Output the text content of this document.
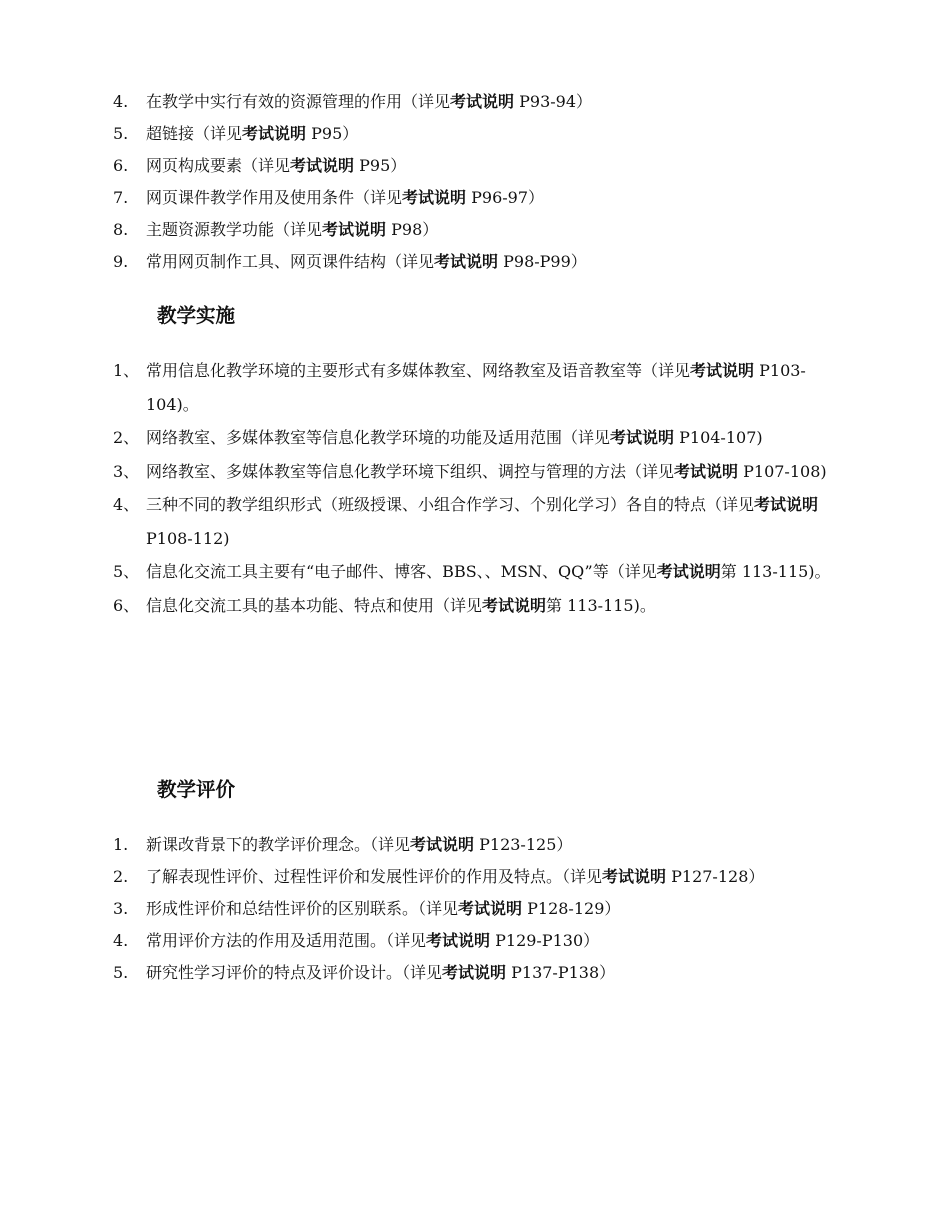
4. 在教学中实行有效的资源管理的作用（详见考试说明 P93-94）
5. 超链接（详见考试说明 P95）
6. 网页构成要素（详见考试说明 P95）
7. 网页课件教学作用及使用条件（详见考试说明 P96-97）
8. 主题资源教学功能（详见考试说明 P98）
9. 常用网页制作工具、网页课件结构（详见考试说明 P98-P99）
教学实施
1、 常用信息化教学环境的主要形式有多媒体教室、网络教室及语音教室等（详见考试说明 P103-104)。
2、 网络教室、多媒体教室等信息化教学环境的功能及适用范围（详见考试说明 P104-107)
3、 网络教室、多媒体教室等信息化教学环境下组织、调控与管理的方法（详见考试说明 P107-108)
4、 三种不同的教学组织形式（班级授课、小组合作学习、个别化学习）各自的特点（详见考试说明 P108-112)
5、 信息化交流工具主要有“电子邮件、博客、BBS、、MSN、QQ”等（详见考试说明第 113-115)。
6、 信息化交流工具的基本功能、特点和使用（详见考试说明第 113-115)。
教学评价
1. 新课改背景下的教学评价理念。（详见考试说明 P123-125）
2. 了解表现性评价、过程性评价和发展性评价的作用及特点。（详见考试说明 P127-128）
3. 形成性评价和总结性评价的区别联系。（详见考试说明 P128-129）
4. 常用评价方法的作用及适用范围。（详见考试说明 P129-P130）
5. 研究性学习评价的特点及评价设计。（详见考试说明 P137-P138）
